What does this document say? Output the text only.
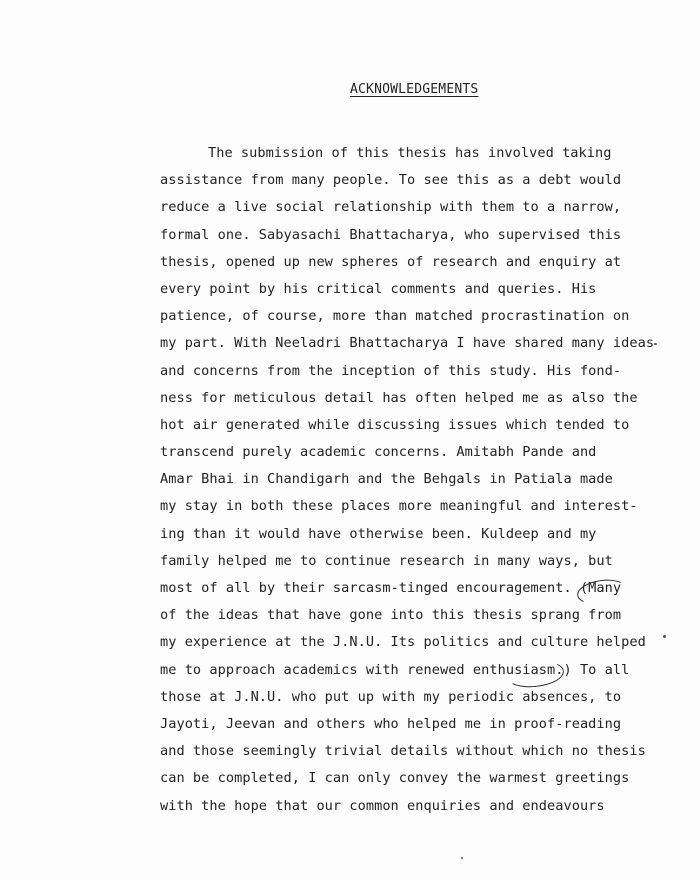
ACKNOWLEDGEMENTS
The submission of this thesis has involved taking
assistance from many people. To see this as a debt would
reduce a live social relationship with them to a narrow,
formal one. Sabyasachi Bhattacharya, who supervised this
thesis, opened up new spheres of research and enquiry at
every point by his critical comments and queries. His
patience, of course, more than matched procrastination on
my part. With Neeladri Bhattacharya I have shared many ideas
and concerns from the inception of this study. His fond-
ness for meticulous detail has often helped me as also the
hot air generated while discussing issues which tended to
transcend purely academic concerns. Amitabh Pande and
Amar Bhai in Chandigarh and the Behgals in Patiala made
my stay in both these places more meaningful and interest-
ing than it would have otherwise been. Kuldeep and my
family helped me to continue research in many ways, but
most of all by their sarcasm-tinged encouragement. (Many
of the ideas that have gone into this thesis sprang from
my experience at the J.N.U. Its politics and culture helped
me to approach academics with renewed enthusiasm.) To all
those at J.N.U. who put up with my periodic absences, to
Jayoti, Jeevan and others who helped me in proof-reading
and those seemingly trivial details without which no thesis
can be completed, I can only convey the warmest greetings
with the hope that our common enquiries and endeavours
